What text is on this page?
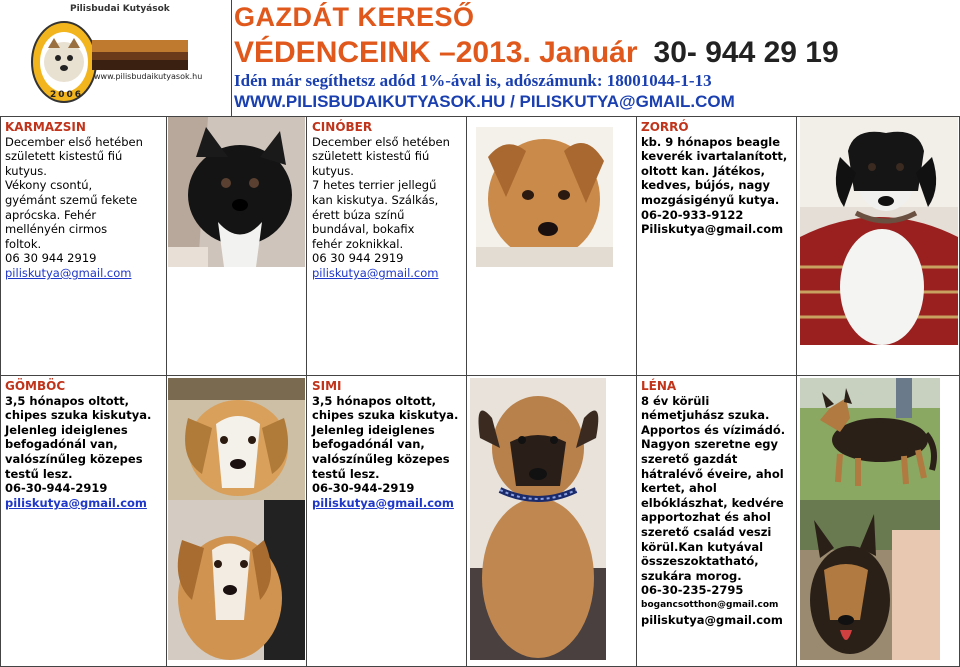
Pilisbudai Kutyások
www.pilisbudaikutyasok.hu
2006
GAZDÁT KERESŐ
VÉDENCEINK –2013. Január 30- 944 29 19
Idén már segíthetsz adód 1%-ával is, adószámunk: 18001044-1-13
WWW.PILISBUDAIKUTYASOK.HU / PILISKUTYA@GMAIL.COM
KARMAZSIN
December első hetében
született kistestű fiú
kutyus.
Vékony csontú,
gyémánt szemű fekete
aprócska. Fehér
mellényén cirmos
foltok.
06 30 944 2919
piliskutya@gmail.com
CINÓBER
December első hetében
született kistestű fiú
kutyus.
7 hetes terrier jellegű
kan kiskutya. Szálkás,
érett búza színű
bundával, bokafix
fehér zoknikkal.
06 30 944 2919
piliskutya@gmail.com
ZORRÓ
kb. 9 hónapos beagle
keverék ivartalanított,
oltott kan. Játékos,
kedves, bújós, nagy
mozgásigényű kutya.
06-20-933-9122
Piliskutya@gmail.com
GÖMBÖC
3,5 hónapos oltott,
chipes szuka kiskutya.
Jelenleg ideiglenes
befogadónál van,
valószínűleg közepes
testű lesz.
06-30-944-2919
piliskutya@gmail.com
SIMI
3,5 hónapos oltott,
chipes szuka kiskutya.
Jelenleg ideiglenes
befogadónál van,
valószínűleg közepes
testű lesz.
06-30-944-2919
piliskutya@gmail.com
LÉNA
8 év körüli
németjuhász szuka.
Apportos és vízimádó.
Nagyon szeretne egy
szerető gazdát
hátralévő éveire, ahol
kertet, ahol
elbóklászhat, kedvére
apportozhat és ahol
szerető család veszi
körül.Kan kutyával
összeszoktatható,
szukára morog.
06-30-235-2795
bogancsotthon@gmail.com
piliskutya@gmail.com
